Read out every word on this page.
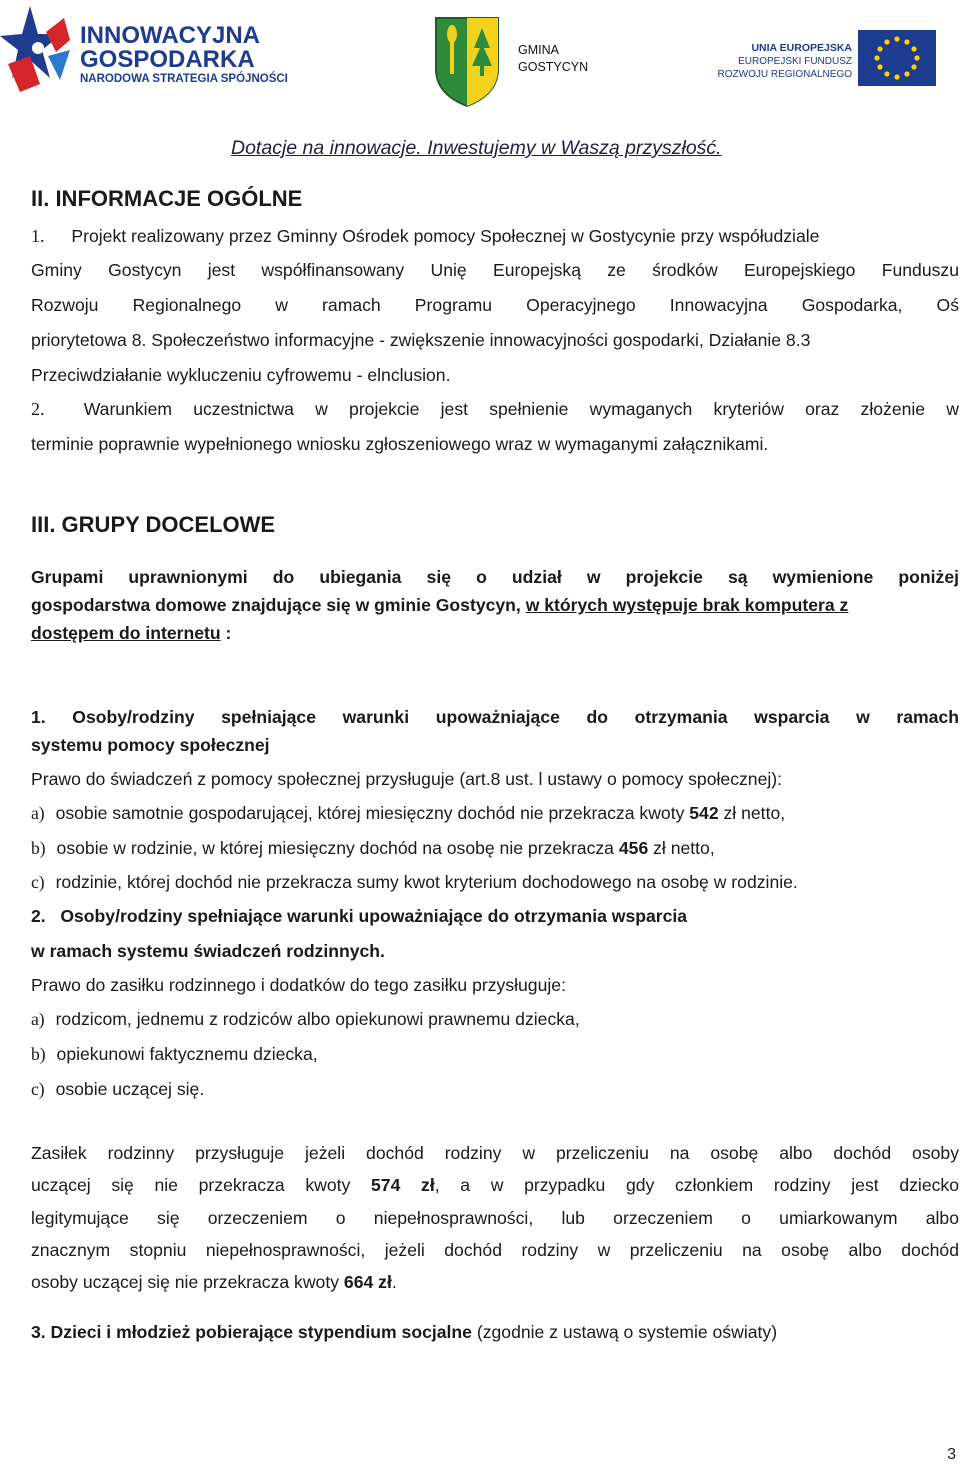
INNOWACYJNA
GOSPODARKA
NARODOWA STRATEGIA SPÓJNOŚCI
GMINA
GOSTYCYN
UNIA EUROPEJSKA
EUROPEJSKI FUNDUSZ
ROZWOJU REGIONALNEGO
Dotacje na innowacje. Inwestujemy w Waszą przyszłość.
II. INFORMACJE OGÓLNE
1. Projekt realizowany przez Gminny Ośrodek pomocy Społecznej w Gostycynie przy współudziale
Gminy Gostycyn jest współfinansowany Unię Europejską ze środków Europejskiego Funduszu
Rozwoju Regionalnego w ramach Programu Operacyjnego Innowacyjna Gospodarka, Oś
priorytetowa 8. Społeczeństwo informacyjne - zwiększenie innowacyjności gospodarki, Działanie 8.3
Przeciwdziałanie wykluczeniu cyfrowemu - elnclusion.
2. Warunkiem uczestnictwa w projekcie jest spełnienie wymaganych kryteriów oraz złożenie w
terminie poprawnie wypełnionego wniosku zgłoszeniowego wraz w wymaganymi załącznikami.
III. GRUPY DOCELOWE
Grupami uprawnionymi do ubiegania się o udział w projekcie są wymienione poniżej
gospodarstwa domowe znajdujące się w gminie Gostycyn, w których występuje brak komputera z
dostępem do internetu :
1. Osoby/rodziny spełniające warunki upoważniające do otrzymania wsparcia w ramach
systemu pomocy społecznej
Prawo do świadczeń z pomocy społecznej przysługuje (art.8 ust. l ustawy o pomocy społecznej):
a) osobie samotnie gospodarującej, której miesięczny dochód nie przekracza kwoty 542 zł netto,
b) osobie w rodzinie, w której miesięczny dochód na osobę nie przekracza 456 zł netto,
c) rodzinie, której dochód nie przekracza sumy kwot kryterium dochodowego na osobę w rodzinie.
2.   Osoby/rodziny spełniające warunki upoważniające do otrzymania wsparcia
w ramach systemu świadczeń rodzinnych.
Prawo do zasiłku rodzinnego i dodatków do tego zasiłku przysługuje:
a) rodzicom, jednemu z rodziców albo opiekunowi prawnemu dziecka,
b) opiekunowi faktycznemu dziecka,
c) osobie uczącej się.
Zasiłek rodzinny przysługuje jeżeli dochód rodziny w przeliczeniu na osobę albo dochód osoby
uczącej się nie przekracza kwoty 574 zł, a w przypadku gdy członkiem rodziny jest dziecko
legitymujące się orzeczeniem o niepełnosprawności, lub orzeczeniem o umiarkowanym albo
znacznym stopniu niepełnosprawności, jeżeli dochód rodziny w przeliczeniu na osobę albo dochód
osoby uczącej się nie przekracza kwoty 664 zł.
3. Dzieci i młodzież pobierające stypendium socjalne (zgodnie z ustawą o systemie oświaty)
3
